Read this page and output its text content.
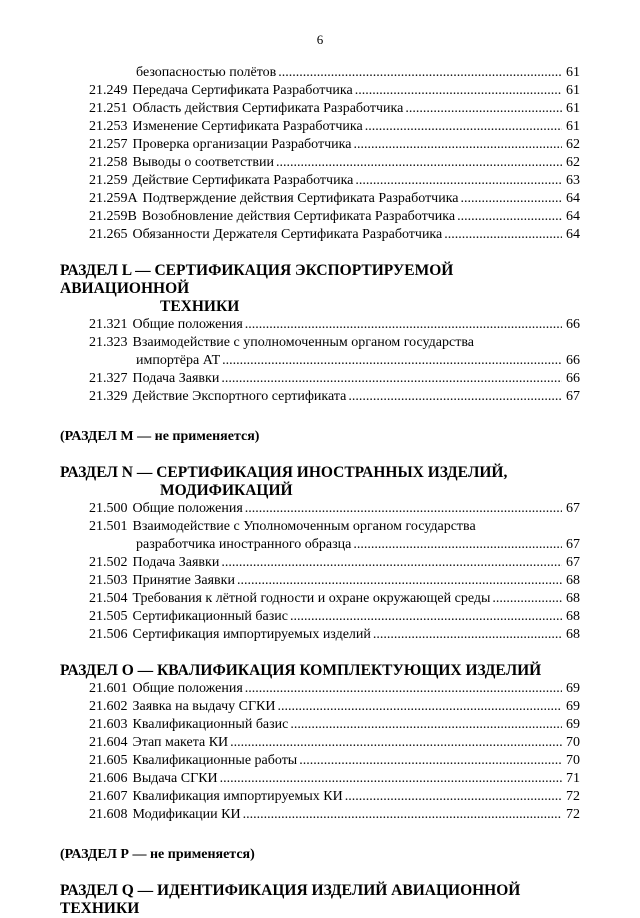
6
безопасностью полётов .....	61
21.249 Передача Сертификата Разработчика .....	61
21.251 Область действия Сертификата Разработчика .....	61
21.253 Изменение Сертификата Разработчика .....	61
21.257 Проверка организации Разработчика .....	62
21.258 Выводы о соответствии .....	62
21.259 Действие Сертификата Разработчика .....	63
21.259A Подтверждение действия Сертификата Разработчика .....	64
21.259B Возобновление действия Сертификата Разработчика .....	64
21.265 Обязанности Держателя Сертификата Разработчика .....	64
РАЗДЕЛ L — СЕРТИФИКАЦИЯ ЭКСПОРТИРУЕМОЙ АВИАЦИОННОЙ
ТЕХНИКИ
21.321 Общие положения .....	66
21.323 Взаимодействие с уполномоченным органом государства
импортёра АТ .....	66
21.327 Подача Заявки .....	66
21.329 Действие Экспортного сертификата .....	67
(РАЗДЕЛ М — не применяется)
РАЗДЕЛ N — СЕРТИФИКАЦИЯ ИНОСТРАННЫХ ИЗДЕЛИЙ,
МОДИФИКАЦИЙ
21.500 Общие положения .....	67
21.501 Взаимодействие с Уполномоченным органом государства
разработчика иностранного образца .....	67
21.502 Подача Заявки .....	67
21.503 Принятие Заявки .....	68
21.504 Требования к лётной годности и охране окружающей среды .....	68
21.505 Сертификационный базис .....	68
21.506 Сертификация импортируемых изделий .....	68
РАЗДЕЛ О — КВАЛИФИКАЦИЯ КОМПЛЕКТУЮЩИХ ИЗДЕЛИЙ
21.601 Общие положения .....	69
21.602 Заявка на выдачу СГКИ .....	69
21.603 Квалификационный базис .....	69
21.604 Этап макета КИ .....	70
21.605 Квалификационные работы .....	70
21.606 Выдача СГКИ .....	71
21.607 Квалификация импортируемых КИ .....	72
21.608 Модификации КИ .....	72
(РАЗДЕЛ Р — не применяется)
РАЗДЕЛ Q — ИДЕНТИФИКАЦИЯ ИЗДЕЛИЙ АВИАЦИОННОЙ ТЕХНИКИ
